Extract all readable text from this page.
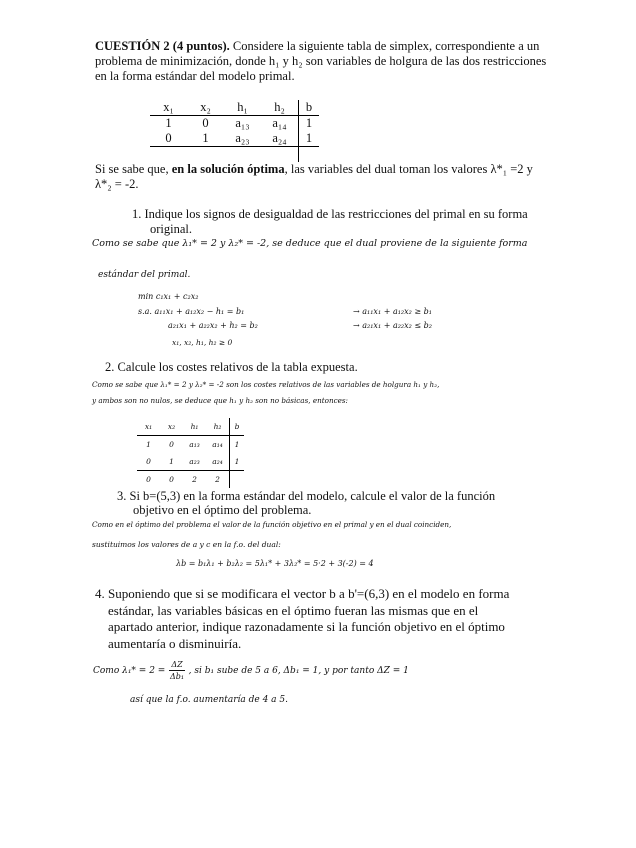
CUESTIÓN 2 (4 puntos). Considere la siguiente tabla de simplex, correspondiente a un
problema de minimización, donde h₁ y h₂ son variables de holgura de las dos restricciones
en la forma estándar del modelo primal.
x₁	x₂	h₁	h₂	b
1	0	a₁₃	a₁₄	1
0	1	a₂₃	a₂₄	1

Si se sabe que, en la solución óptima, las variables del dual toman los valores λ*₁ =2 y
λ*₂ = -2.
1. Indique los signos de desigualdad de las restricciones del primal en su forma
original.
Como se sabe que λ₁* = 2 y λ₂* = -2, se deduce que el dual proviene de la siguiente forma
estándar del primal.
min c₁x₁ + c₂x₂
s.a. a₁₁x₁ + a₁₂x₂ − h₁ = b₁
a₂₁x₁ + a₂₂x₂ + h₂ = b₂
→ a₁₁x₁ + a₁₂x₂ ≥ b₁
→ a₂₁x₁ + a₂₂x₂ ≤ b₂
x₁, x₂, h₁, h₂ ≥ 0
2. Calcule los costes relativos de la tabla expuesta.
Como se sabe que λ₁* = 2 y λ₂* = -2 son los costes relativos de las variables de holgura h₁ y h₂,
y ambos son no nulos, se deduce que h₁ y h₂ son no básicas, entonces:
x₁	x₂	h₁	h₂	b
1	0	a₁₃	a₁₄	1
0	1	a₂₃	a₂₄	1
0	0	2	2	
3. Si b=(5,3) en la forma estándar del modelo, calcule el valor de la función
objetivo en el óptimo del problema.
Como en el óptimo del problema el valor de la función objetivo en el primal y en el dual coinciden,
sustituimos los valores de a y c en la f.o. del dual:
λb = b₁λ₁ + b₂λ₂ = 5λ₁* + 3λ₂* = 5·2 + 3(-2) = 4
4. Suponiendo que si se modificara el vector b a b'=(6,3) en el modelo en forma
estándar, las variables básicas en el óptimo fueran las mismas que en el
apartado anterior, indique razonadamente si la función objetivo en el óptimo
aumentaría o disminuiría.
Como $\lambda_1* = 2 = \frac{\Delta Z}{\text{Δb₁}}$ , si b₁ sube de 5 a 6, Δb₁ = 1, y por tanto ΔZ = 1
así que la f.o. aumentaría de 4 a 5.
